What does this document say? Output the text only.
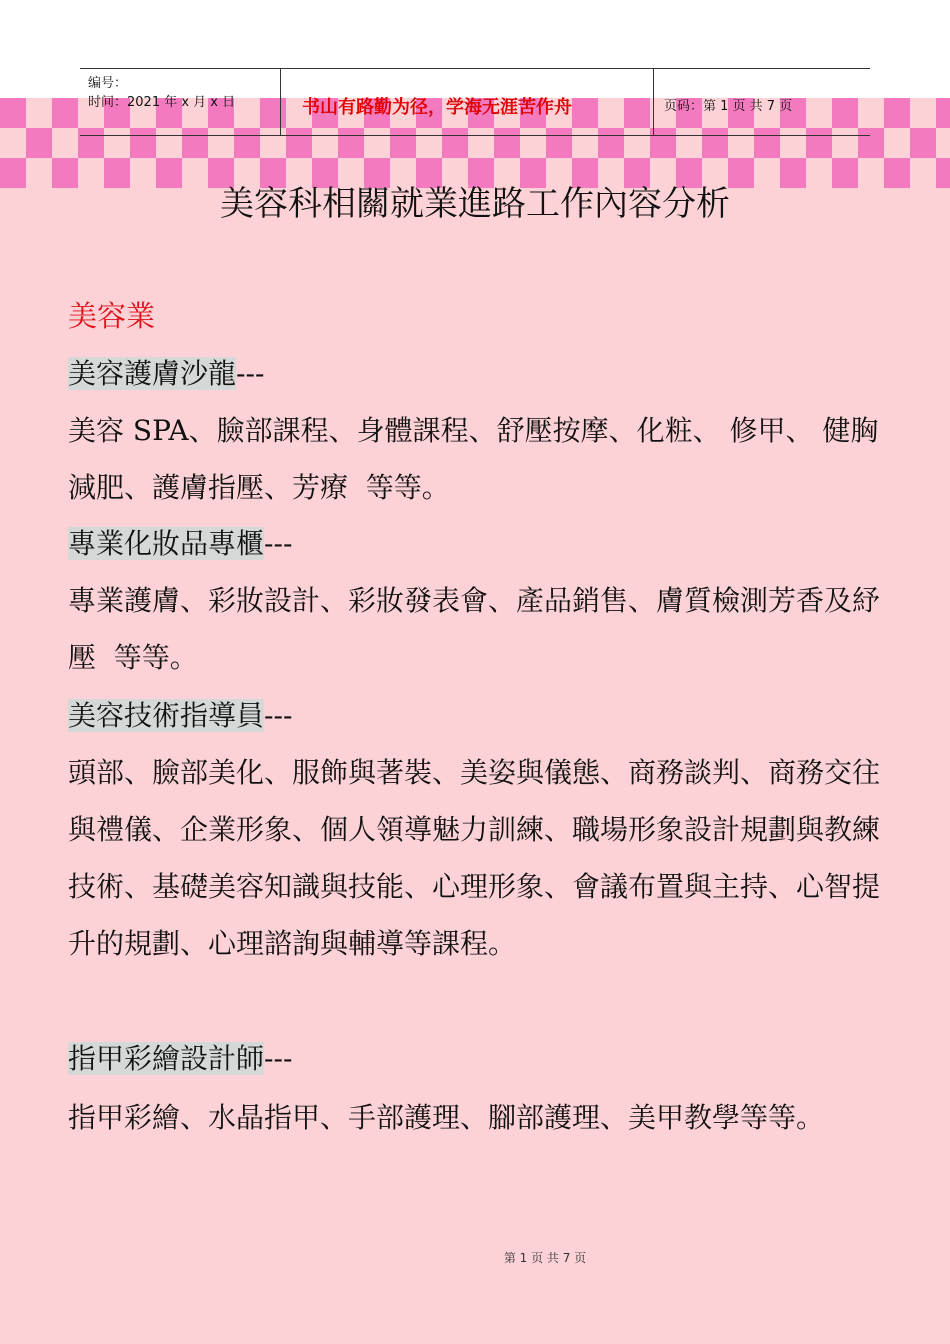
编号：
时间：2021 年 x 月 x 日	书山有路勤为径，学海无涯苦作舟	页码：第 1 页 共 7 页
美容科相關就業進路工作內容分析
美容業
美容護膚沙龍---
美容 SPA、臉部課程、身體課程、舒壓按摩、化粧、 修甲、 健胸減肥、護膚指壓、芳療  等等。
專業化妝品專櫃---
專業護膚、彩妝設計、彩妝發表會、產品銷售、膚質檢測芳香及紓壓  等等。
美容技術指導員---
頭部、臉部美化、服飾與著裝、美姿與儀態、商務談判、商務交往與禮儀、企業形象、個人領導魅力訓練、職場形象設計規劃與教練技術、基礎美容知識與技能、心理形象、會議布置與主持、心智提升的規劃、心理諮詢與輔導等課程。
指甲彩繪設計師---
指甲彩繪、水晶指甲、手部護理、腳部護理、美甲教學等等。
第 1 页 共 7 页
